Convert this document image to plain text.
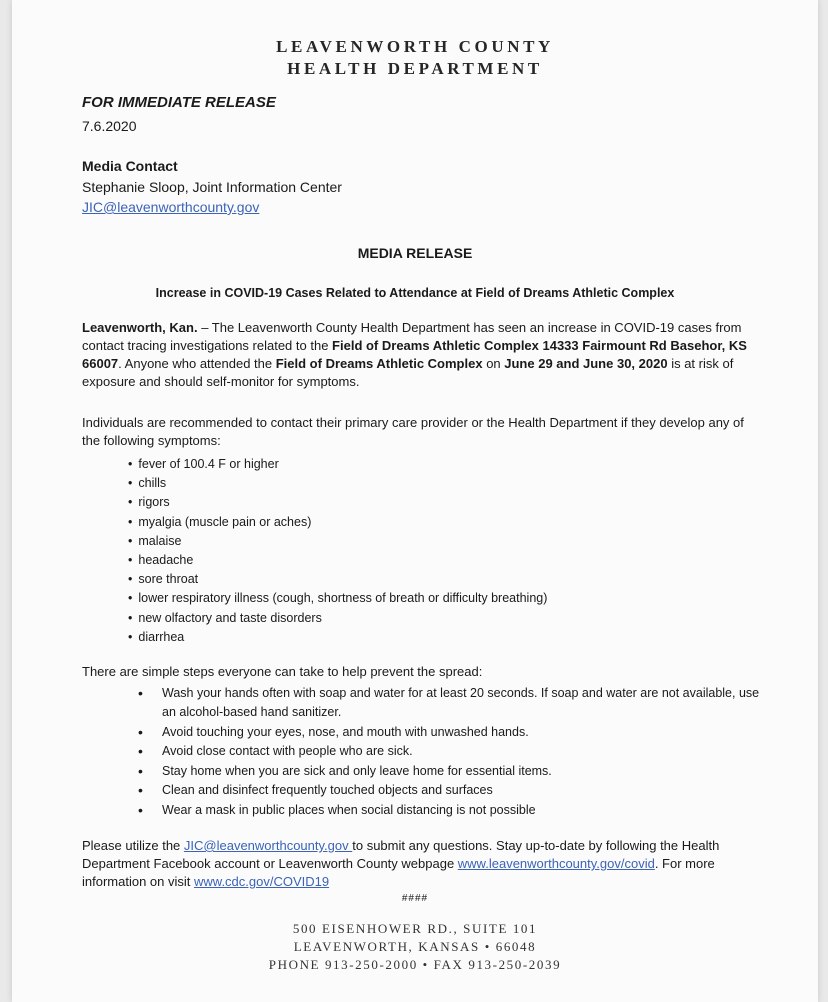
LEAVENWORTH COUNTY

HEALTH DEPARTMENT

FOR IMMEDIATE RELEASE

7.6.2020

Media Contact

Stephanie Sloop, Joint Information Center

JIC@leavenworthcounty.gov

MEDIA RELEASE

Increase in COVID-19 Cases Related to Attendance at Field of Dreams Athletic Complex

Leavenworth, Kan. – The Leavenworth County Health Department has seen an increase in COVID-19 cases from contact tracing investigations related to the Field of Dreams Athletic Complex 14333 Fairmount Rd Basehor, KS 66007. Anyone who attended the Field of Dreams Athletic Complex on June 29 and June 30, 2020 is at risk of exposure and should self-monitor for symptoms.

Individuals are recommended to contact their primary care provider or the Health Department if they develop any of the following symptoms:

• fever of 100.4 F or higher
• chills
• rigors
• myalgia (muscle pain or aches)
• malaise
• headache
• sore throat
• lower respiratory illness (cough, shortness of breath or difficulty breathing)
• new olfactory and taste disorders
• diarrhea

There are simple steps everyone can take to help prevent the spread:

• Wash your hands often with soap and water for at least 20 seconds. If soap and water are not available, use an alcohol-based hand sanitizer.
• Avoid touching your eyes, nose, and mouth with unwashed hands.
• Avoid close contact with people who are sick.
• Stay home when you are sick and only leave home for essential items.
• Clean and disinfect frequently touched objects and surfaces
• Wear a mask in public places when social distancing is not possible

Please utilize the JIC@leavenworthcounty.gov to submit any questions. Stay up-to-date by following the Health Department Facebook account or Leavenworth County webpage www.leavenworthcounty.gov/covid. For more information on visit www.cdc.gov/COVID19

####

500 EISENHOWER RD., SUITE 101

LEAVENWORTH, KANSAS • 66048

PHONE 913-250-2000 • FAX 913-250-2039
